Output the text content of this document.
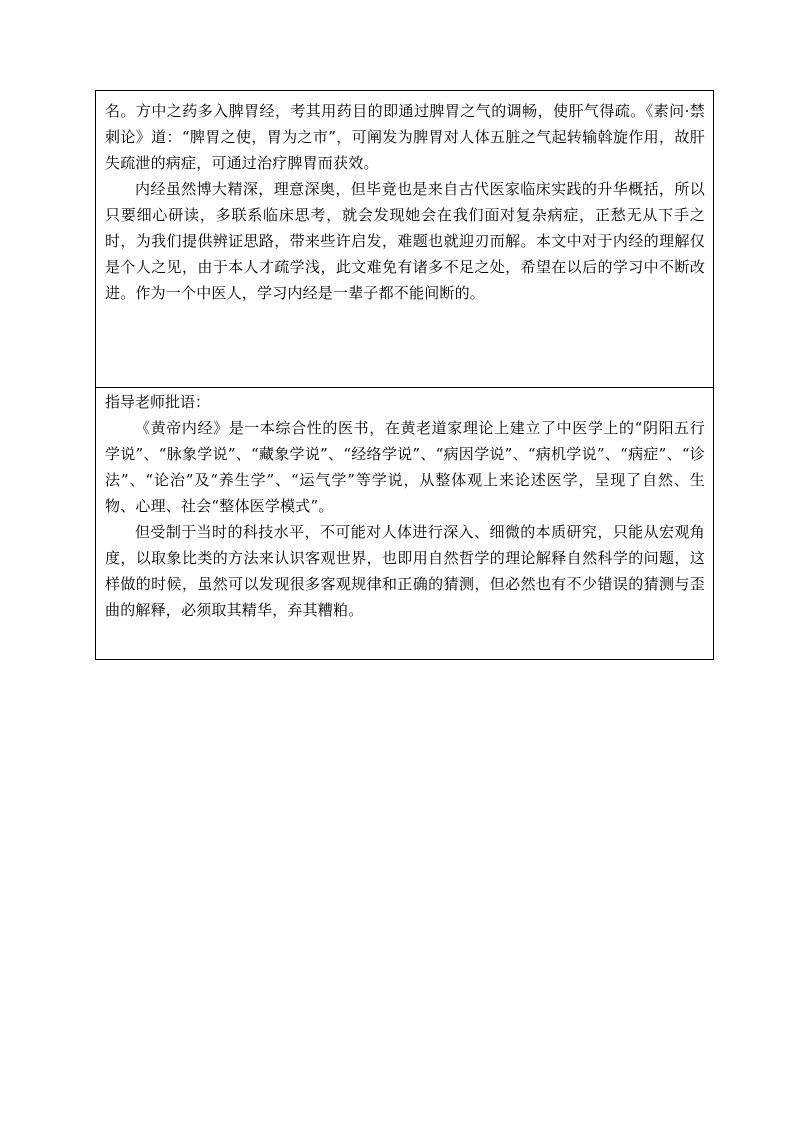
名。方中之药多入脾胃经，考其用药目的即通过脾胃之气的调畅，使肝气得疏。《素问·禁刺论》道：“脾胃之使，胃为之市”，可阐发为脾胃对人体五脏之气起转输斡旋作用，故肝失疏泄的病症，可通过治疗脾胃而获效。

内经虽然博大精深，理意深奥，但毕竟也是来自古代医家临床实践的升华概括，所以只要细心研读，多联系临床思考，就会发现她会在我们面对复杂病症，正愁无从下手之时，为我们提供辨证思路，带来些许启发，难题也就迎刃而解。本文中对于内经的理解仅是个人之见，由于本人才疏学浅，此文难免有诸多不足之处，希望在以后的学习中不断改进。作为一个中医人，学习内经是一辈子都不能间断的。

指导老师批语：

《黄帝内经》是一本综合性的医书，在黄老道家理论上建立了中医学上的“阴阳五行学说”、“脉象学说”、“藏象学说”、“经络学说”、“病因学说”、“病机学说”、“病症”、“诊法”、“论治”及“养生学”、“运气学”等学说，从整体观上来论述医学，呈现了自然、生物、心理、社会“整体医学模式”。

但受制于当时的科技水平，不可能对人体进行深入、细微的本质研究，只能从宏观角度，以取象比类的方法来认识客观世界，也即用自然哲学的理论解释自然科学的问题，这样做的时候，虽然可以发现很多客观规律和正确的猜测，但必然也有不少错误的猜测与歪曲的解释，必须取其精华，弃其糟粕。
